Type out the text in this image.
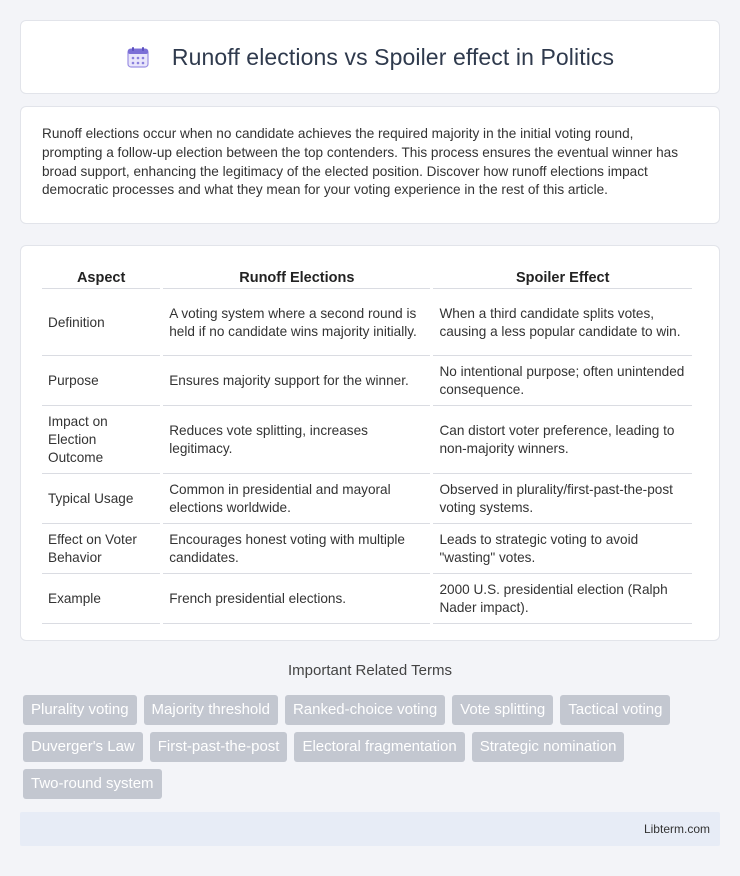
Runoff elections vs Spoiler effect in Politics

Runoff elections occur when no candidate achieves the required majority in the initial voting round, prompting a follow-up election between the top contenders. This process ensures the eventual winner has broad support, enhancing the legitimacy of the elected position. Discover how runoff elections impact democratic processes and what they mean for your voting experience in the rest of this article.

Aspect	Runoff Elections	Spoiler Effect
Definition	A voting system where a second round is held if no candidate wins majority initially.	When a third candidate splits votes, causing a less popular candidate to win.
Purpose	Ensures majority support for the winner.	No intentional purpose; often unintended consequence.
Impact on Election Outcome	Reduces vote splitting, increases legitimacy.	Can distort voter preference, leading to non-majority winners.
Typical Usage	Common in presidential and mayoral elections worldwide.	Observed in plurality/first-past-the-post voting systems.
Effect on Voter Behavior	Encourages honest voting with multiple candidates.	Leads to strategic voting to avoid "wasting" votes.
Example	French presidential elections.	2000 U.S. presidential election (Ralph Nader impact).
Important Related Terms
Plurality voting	Majority threshold	Ranked-choice voting	Vote splitting	Tactical voting
Duverger's Law	First-past-the-post	Electoral fragmentation	Strategic nomination
Two-round system
Libterm.com
